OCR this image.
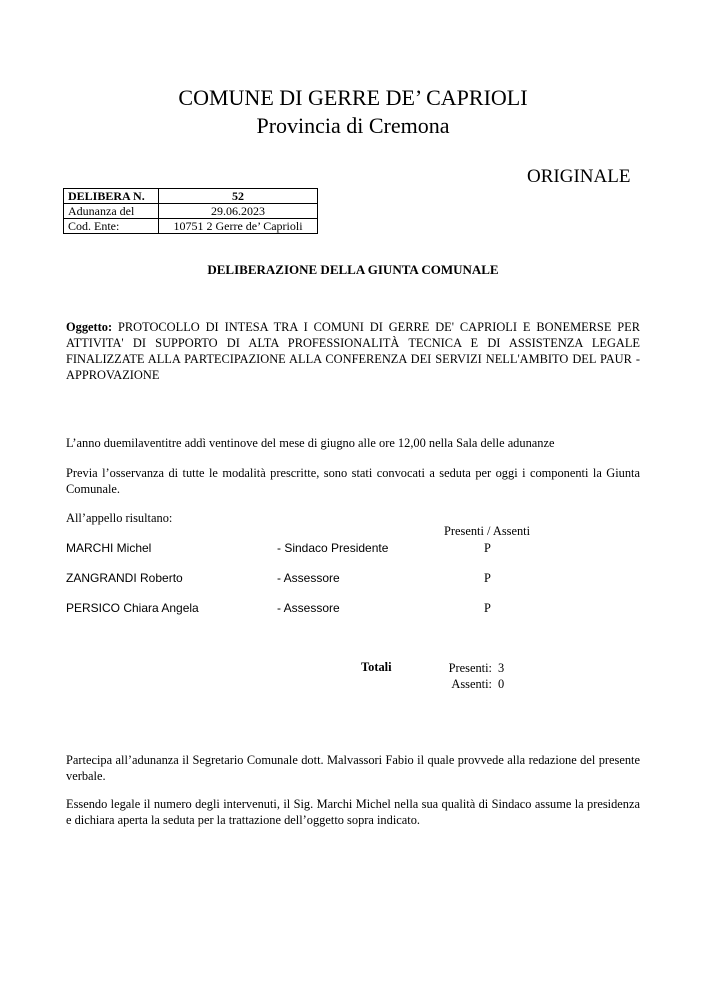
COMUNE DI GERRE DE’ CAPRIOLI
Provincia di Cremona
ORIGINALE
DELIBERA N.	52
Adunanza del	29.06.2023
Cod. Ente:	10751 2 Gerre de’ Caprioli
DELIBERAZIONE DELLA GIUNTA COMUNALE
Oggetto: PROTOCOLLO DI INTESA TRA I COMUNI DI GERRE DE' CAPRIOLI E BONEMERSE PER ATTIVITA' DI SUPPORTO DI ALTA PROFESSIONALITÀ TECNICA E DI ASSISTENZA LEGALE FINALIZZATE ALLA PARTECIPAZIONE ALLA CONFERENZA DEI SERVIZI NELL'AMBITO DEL PAUR - APPROVAZIONE
L’anno duemilaventitre addì ventinove del mese di giugno alle ore 12,00 nella Sala delle adunanze
Previa l’osservanza di tutte le modalità prescritte, sono stati convocati a seduta per oggi i componenti la Giunta Comunale.
All’appello risultano:
Presenti / Assenti
MARCHI Michel	- Sindaco Presidente	P
ZANGRANDI Roberto	- Assessore	P
PERSICO Chiara Angela	- Assessore	P
Totali	Presenti: 3
Assenti: 0
Partecipa all’adunanza il Segretario Comunale dott. Malvassori Fabio il quale provvede alla redazione del presente verbale.
Essendo legale il numero degli intervenuti, il Sig. Marchi Michel nella sua qualità di Sindaco assume la presidenza e dichiara aperta la seduta per la trattazione dell’oggetto sopra indicato.
